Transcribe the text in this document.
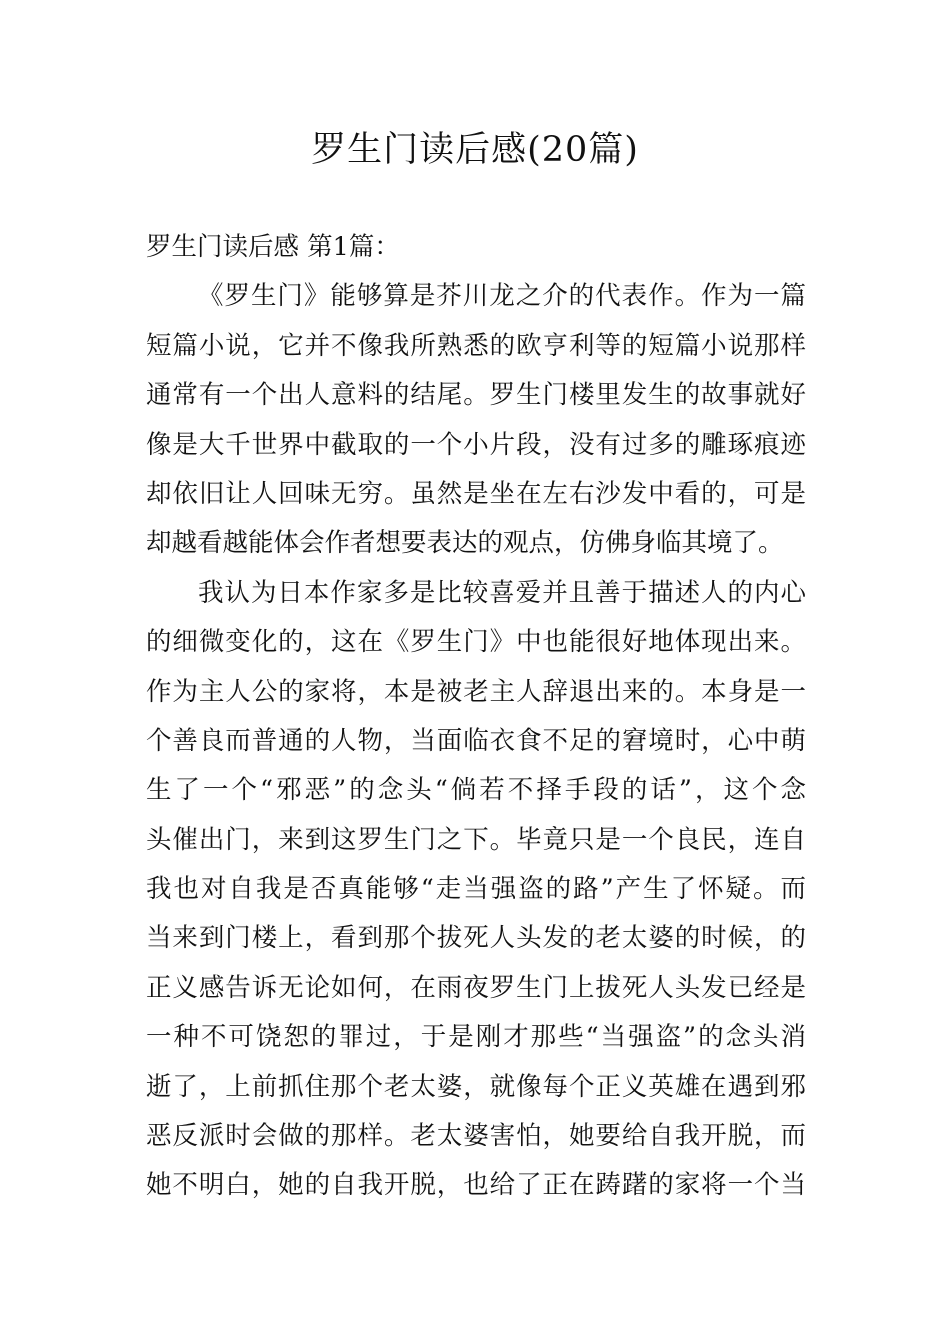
罗生门读后感(20篇)
罗生门读后感 第1篇：
《罗生门》能够算是芥川龙之介的代表作。作为一篇
短篇小说，它并不像我所熟悉的欧亨利等的短篇小说那样
通常有一个出人意料的结尾。罗生门楼里发生的故事就好
像是大千世界中截取的一个小片段，没有过多的雕琢痕迹
却依旧让人回味无穷。虽然是坐在左右沙发中看的，可是
却越看越能体会作者想要表达的观点，仿佛身临其境了。
我认为日本作家多是比较喜爱并且善于描述人的内心
的细微变化的，这在《罗生门》中也能很好地体现出来。
作为主人公的家将，本是被老主人辞退出来的。本身是一
个善良而普通的人物，当面临衣食不足的窘境时，心中萌
生了一个“邪恶”的念头“倘若不择手段的话”，这个念
头催出门，来到这罗生门之下。毕竟只是一个良民，连自
我也对自我是否真能够“走当强盗的路”产生了怀疑。而
当来到门楼上，看到那个拔死人头发的老太婆的时候，的
正义感告诉无论如何，在雨夜罗生门上拔死人头发已经是
一种不可饶恕的罪过，于是刚才那些“当强盗”的念头消
逝了，上前抓住那个老太婆，就像每个正义英雄在遇到邪
恶反派时会做的那样。老太婆害怕，她要给自我开脱，而
她不明白，她的自我开脱，也给了正在踌躇的家将一个当
